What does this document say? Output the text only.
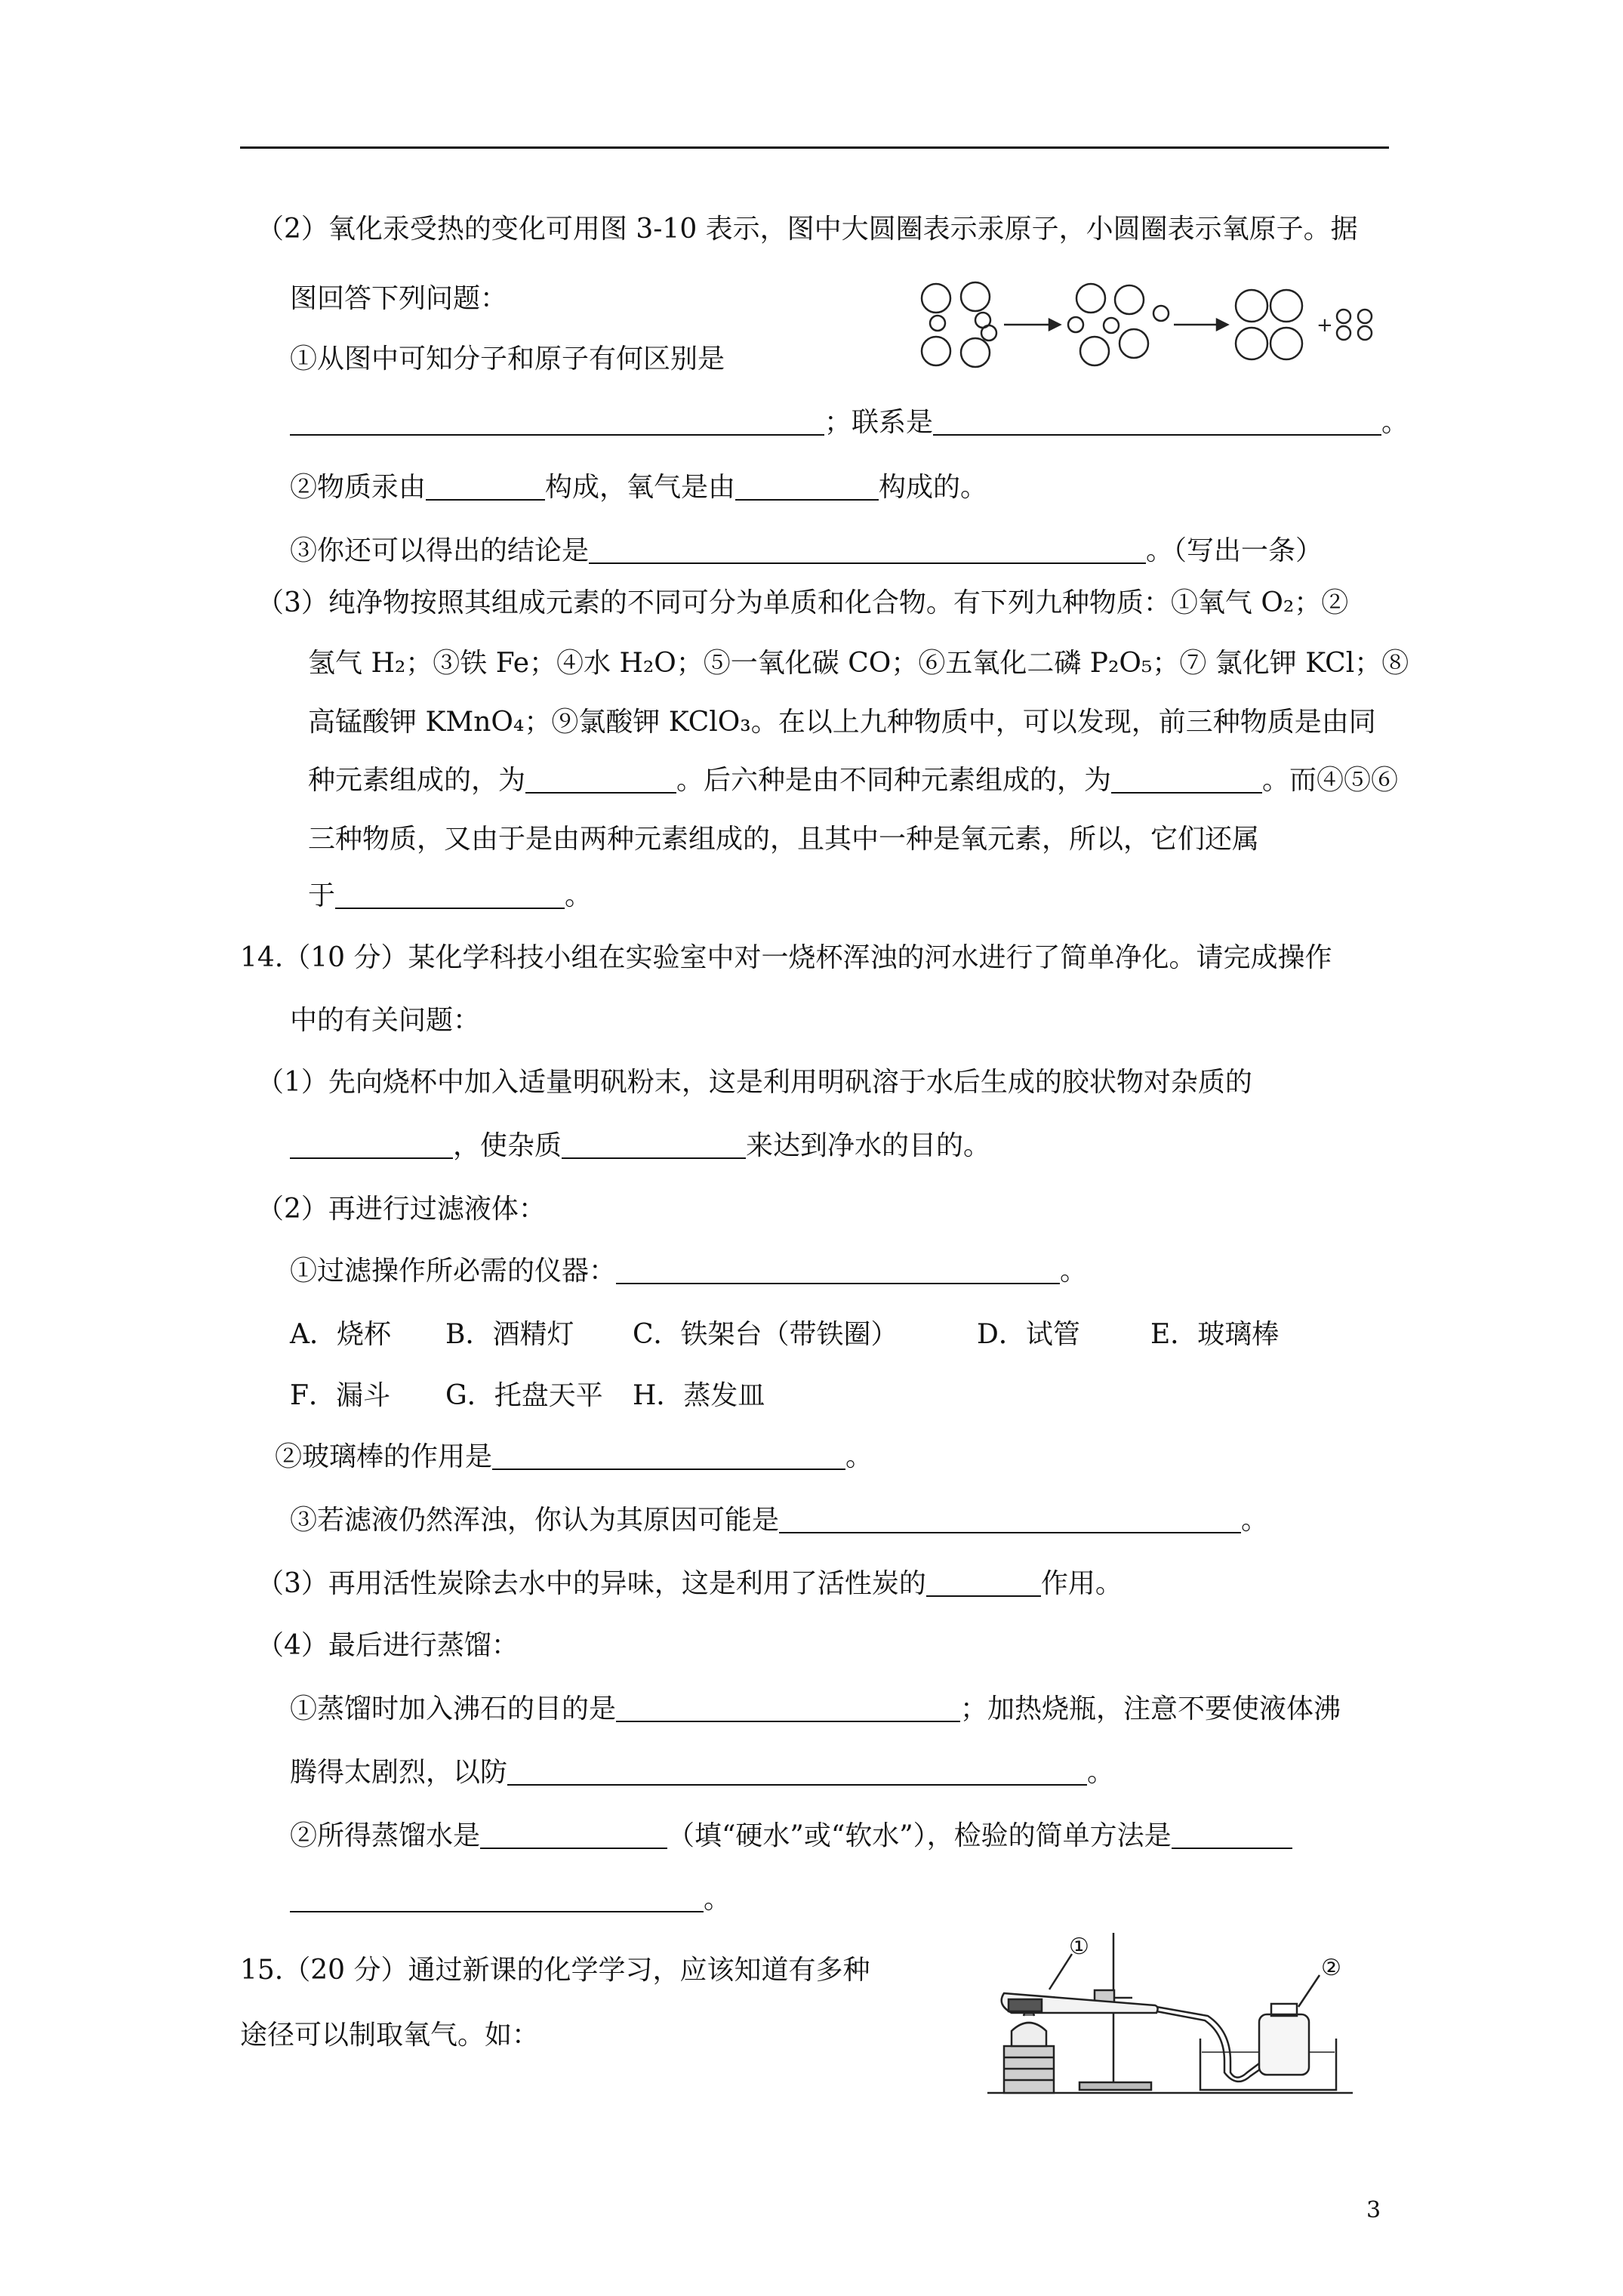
（2）氧化汞受热的变化可用图 3-10 表示，图中大圆圈表示汞原子，小圆圈表示氧原子。据
图回答下列问题：
+
①从图中可知分子和原子有何区别是
；联系是	。
②物质汞由	构成，氧气是由	构成的。
③你还可以得出的结论是	。（写出一条）
（3）纯净物按照其组成元素的不同可分为单质和化合物。有下列九种物质：①氧气 O₂；②
氢气 H₂；③铁 Fe；④水 H₂O；⑤一氧化碳 CO；⑥五氧化二磷 P₂O₅；⑦ 氯化钾 KCl；⑧
高锰酸钾 KMnO₄；⑨氯酸钾 KClO₃。在以上九种物质中，可以发现，前三种物质是由同
种元素组成的，为	。后六种是由不同种元素组成的，为	。而④⑤⑥
三种物质，又由于是由两种元素组成的，且其中一种是氧元素，所以，它们还属
于	。
14.（10 分）某化学科技小组在实验室中对一烧杯浑浊的河水进行了简单净化。请完成操作
中的有关问题：
（1）先向烧杯中加入适量明矾粉末，这是利用明矾溶于水后生成的胶状物对杂质的
，使杂质	来达到净水的目的。
（2）再进行过滤液体：
①过滤操作所必需的仪器：	。
A．烧杯 B．酒精灯 C．铁架台（带铁圈）	D．试管	E．玻璃棒
F．漏斗 G．托盘天平 H．蒸发皿
②玻璃棒的作用是	。
③若滤液仍然浑浊，你认为其原因可能是	。
（3）再用活性炭除去水中的异味，这是利用了活性炭的	作用。
（4）最后进行蒸馏：
①蒸馏时加入沸石的目的是	；加热烧瓶，注意不要使液体沸
腾得太剧烈，以防	。
②所得蒸馏水是	（填“硬水”或“软水”），检验的简单方法是
。
15.（20 分）通过新课的化学学习，应该知道有多种
途径可以制取氧气。如：
①
②
3
